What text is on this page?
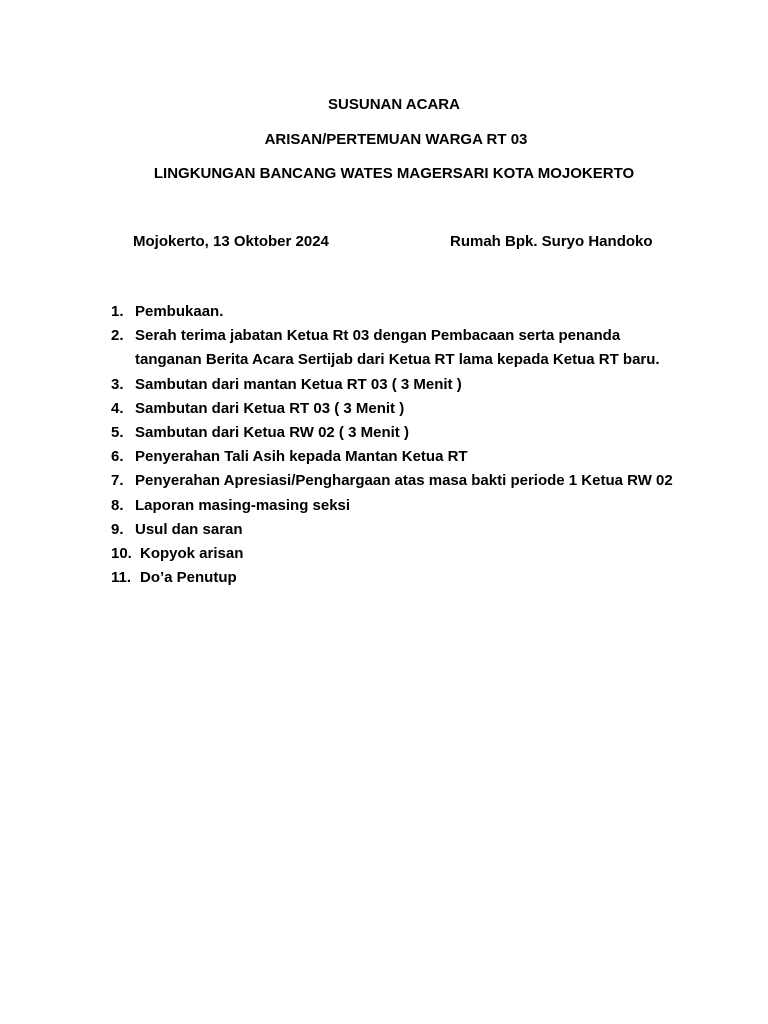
SUSUNAN ACARA
ARISAN/PERTEMUAN WARGA RT 03
LINGKUNGAN BANCANG WATES MAGERSARI KOTA MOJOKERTO
Mojokerto, 13 Oktober 2024	Rumah Bpk. Suryo Handoko
1. Pembukaan.
2. Serah terima jabatan Ketua Rt 03 dengan Pembacaan serta penanda
tanganan Berita Acara Sertijab dari Ketua RT lama kepada Ketua RT baru.
3. Sambutan dari mantan Ketua RT 03 ( 3 Menit )
4. Sambutan dari Ketua RT 03 ( 3 Menit )
5. Sambutan dari Ketua RW 02 ( 3 Menit )
6. Penyerahan Tali Asih kepada Mantan Ketua RT
7. Penyerahan Apresiasi/Penghargaan atas masa bakti periode 1 Ketua RW 02
8. Laporan masing-masing seksi
9. Usul dan saran
10. Kopyok arisan
11. Do’a Penutup
